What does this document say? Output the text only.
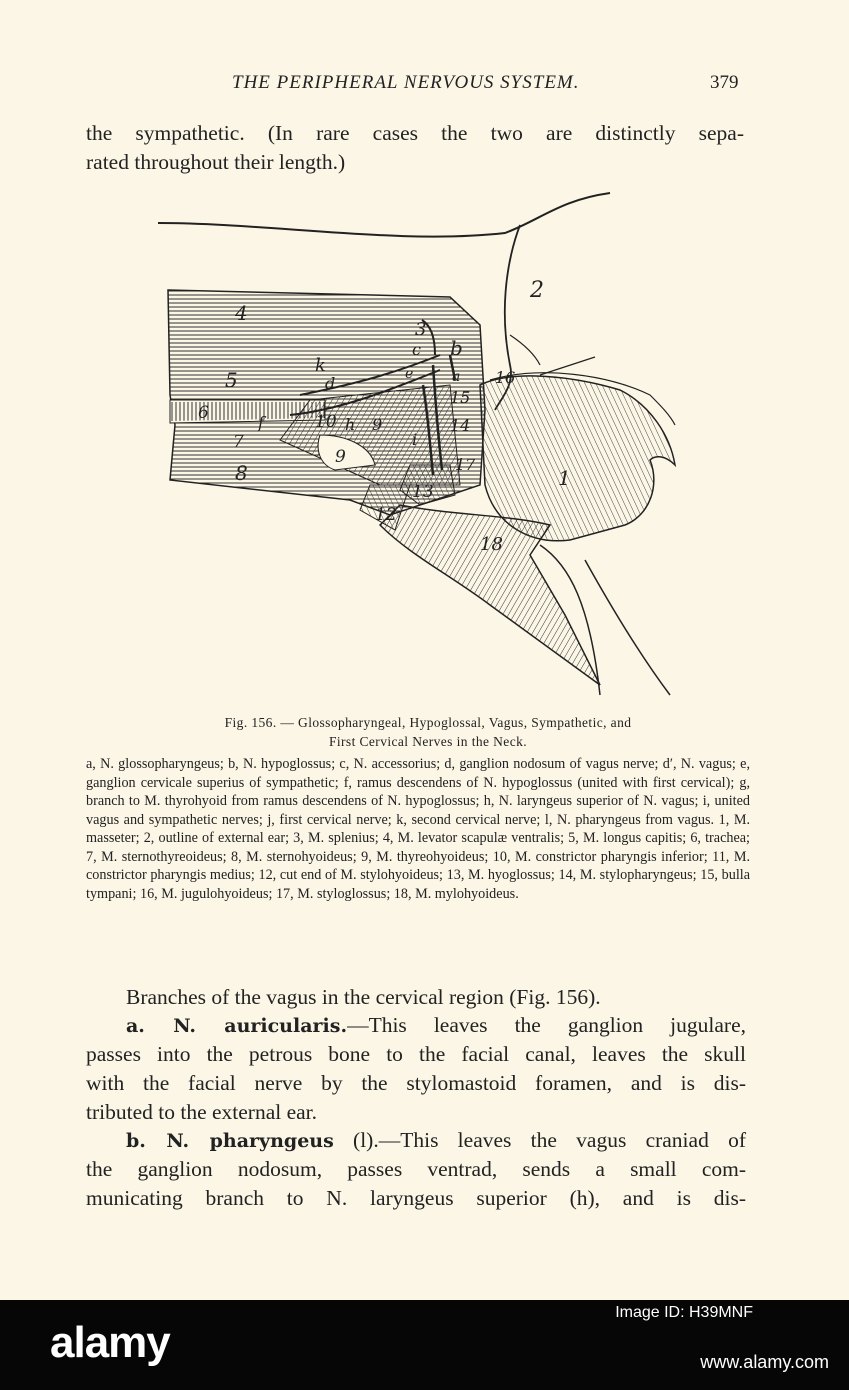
THE PERIPHERAL NERVOUS SYSTEM.	379

the sympathetic. (In rare cases the two are distinctly sepa-

rated throughout their length.)

2
4
3
c b
k
d	e	a 16
5
15
6	f	10 h 9
i
14
7
9
8	17
1
13
12
18
Fig. 156. — Glossopharyngeal, Hypoglossal, Vagus, Sympathetic, and
First Cervical Nerves in the Neck.

a, N. glossopharyngeus; b, N. hypoglossus; c, N. accessorius; d, ganglion nodosum of vagus nerve; d′, N. vagus; e, ganglion cervicale superius of sympathetic; f, ramus descendens of N. hypoglossus (united with first cervical); g, branch to M. thyrohyoid from ramus descendens of N. hypoglossus; h, N. laryngeus superior of N. vagus; i, united vagus and sympathetic nerves; j, first cervical nerve; k, second cervical nerve; l, N. pharyngeus from vagus. 1, M. masseter; 2, outline of external ear; 3, M. splenius; 4, M. levator scapulæ ventralis; 5, M. longus capitis; 6, trachea; 7, M. sternothyreoideus; 8, M. sternohyoideus; 9, M. thyreohyoideus; 10, M. constrictor pharyngis inferior; 11, M. constrictor pharyngis medius; 12, cut end of M. stylohyoideus; 13, M. hyoglossus; 14, M. stylopharyngeus; 15, bulla tympani; 16, M. jugulohyoideus; 17, M. styloglossus; 18, M. mylohyoideus.

Branches of the vagus in the cervical region (Fig. 156).

a. N. auricularis.—This leaves the ganglion jugulare,

passes into the petrous bone to the facial canal, leaves the skull

with the facial nerve by the stylomastoid foramen, and is dis-

tributed to the external ear.

b. N. pharyngeus (l).—This leaves the vagus craniad of

the ganglion nodosum, passes ventrad, sends a small com-

municating branch to N. laryngeus superior (h), and is dis-

alamy
Image ID: H39MNF
www.alamy.com
